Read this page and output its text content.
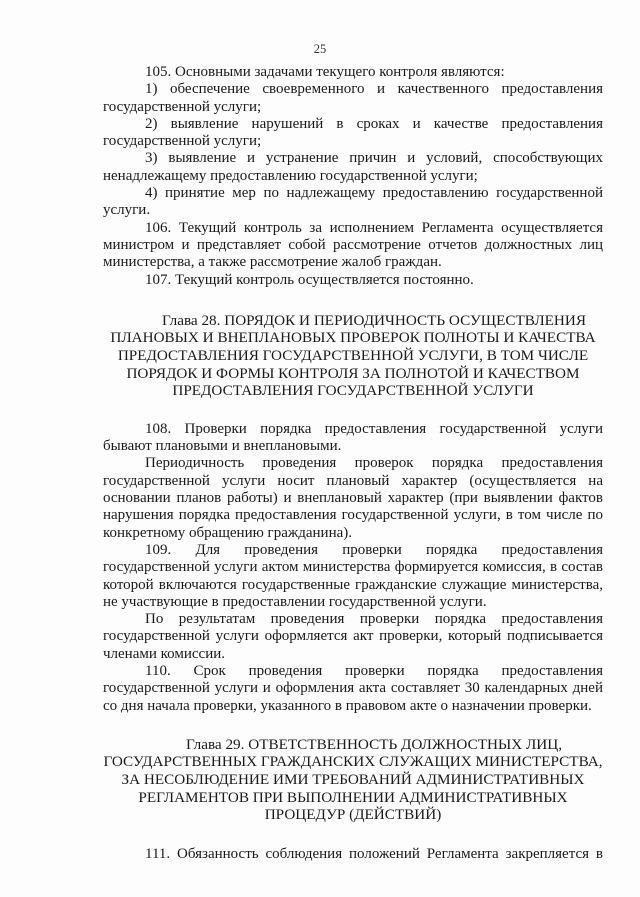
25

105. Основными задачами текущего контроля являются:

1) обеспечение своевременного и качественного предоставления государственной услуги;

2) выявление нарушений в сроках и качестве предоставления государственной услуги;

3) выявление и устранение причин и условий, способствующих ненадлежащему предоставлению государственной услуги;

4) принятие мер по надлежащему предоставлению государственной услуги.

106. Текущий контроль за исполнением Регламента осуществляется министром и представляет собой рассмотрение отчетов должностных лиц министерства, а также рассмотрение жалоб граждан.

107. Текущий контроль осуществляется постоянно.

Глава 28. ПОРЯДОК И ПЕРИОДИЧНОСТЬ ОСУЩЕСТВЛЕНИЯ
ПЛАНОВЫХ И ВНЕПЛАНОВЫХ ПРОВЕРОК ПОЛНОТЫ И КАЧЕСТВА
ПРЕДОСТАВЛЕНИЯ ГОСУДАРСТВЕННОЙ УСЛУГИ, В ТОМ ЧИСЛЕ
ПОРЯДОК И ФОРМЫ КОНТРОЛЯ ЗА ПОЛНОТОЙ И КАЧЕСТВОМ
ПРЕДОСТАВЛЕНИЯ ГОСУДАРСТВЕННОЙ УСЛУГИ

108. Проверки порядка предоставления государственной услуги бывают плановыми и внеплановыми.

Периодичность проведения проверок порядка предоставления государственной услуги носит плановый характер (осуществляется на основании планов работы) и внеплановый характер (при выявлении фактов нарушения порядка предоставления государственной услуги, в том числе по конкретному обращению гражданина).

109. Для проведения проверки порядка предоставления государственной услуги актом министерства формируется комиссия, в состав которой включаются государственные гражданские служащие министерства, не участвующие в предоставлении государственной услуги.

По результатам проведения проверки порядка предоставления государственной услуги оформляется акт проверки, который подписывается членами комиссии.

110. Срок проведения проверки порядка предоставления государственной услуги и оформления акта составляет 30 календарных дней со дня начала проверки, указанного в правовом акте о назначении проверки.

Глава 29. ОТВЕТСТВЕННОСТЬ ДОЛЖНОСТНЫХ ЛИЦ,
ГОСУДАРСТВЕННЫХ ГРАЖДАНСКИХ СЛУЖАЩИХ МИНИСТЕРСТВА,
ЗА НЕСОБЛЮДЕНИЕ ИМИ ТРЕБОВАНИЙ АДМИНИСТРАТИВНЫХ
РЕГЛАМЕНТОВ ПРИ ВЫПОЛНЕНИИ АДМИНИСТРАТИВНЫХ
ПРОЦЕДУР (ДЕЙСТВИЙ)

111. Обязанность соблюдения положений Регламента закрепляется в
